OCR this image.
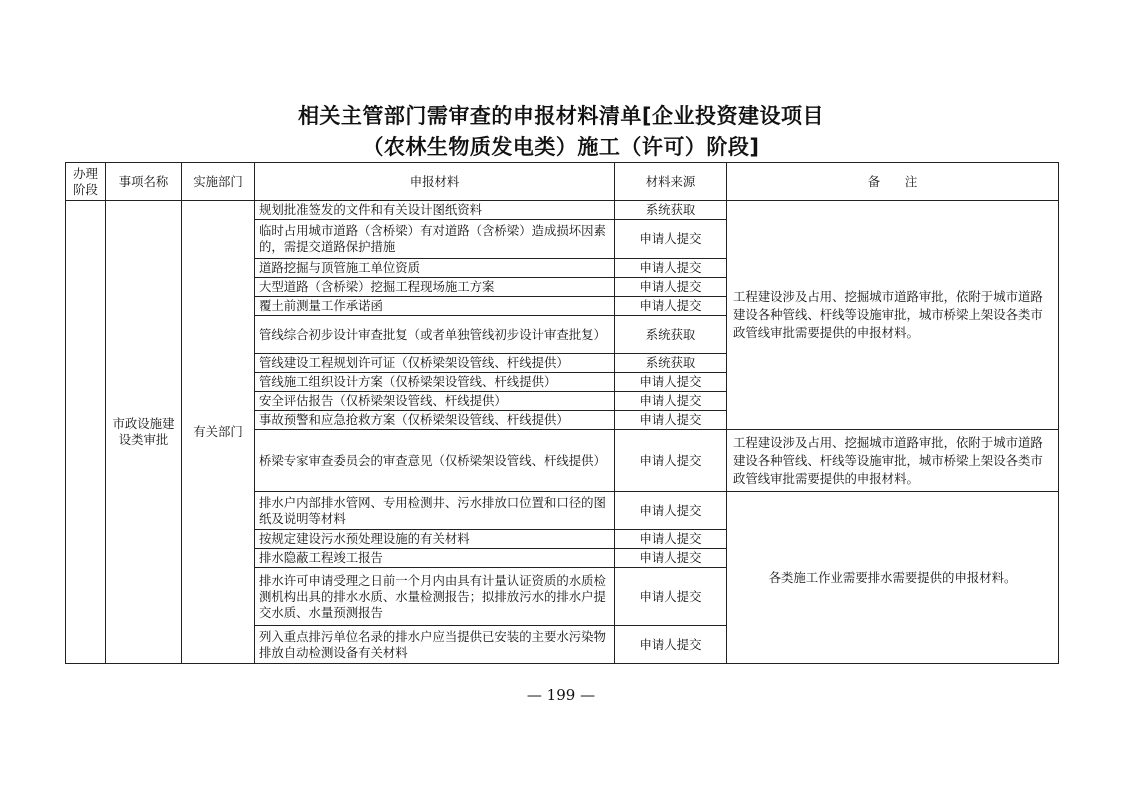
相关主管部门需审查的申报材料清单[企业投资建设项目
（农林生物质发电类）施工（许可）阶段]
办理阶段	事项名称	实施部门	申报材料	材料来源	备　　注
	市政设施建设类审批	有关部门	规划批准签发的文件和有关设计图纸资料	系统获取	工程建设涉及占用、挖掘城市道路审批，依附于城市道路建设各种管线、杆线等设施审批，城市桥梁上架设各类市政管线审批需要提供的申报材料。
			临时占用城市道路（含桥梁）有对道路（含桥梁）造成损坏因素的，需提交道路保护措施	申请人提交	
			道路挖掘与顶管施工单位资质	申请人提交	
			大型道路（含桥梁）挖掘工程现场施工方案	申请人提交	
			覆土前测量工作承诺函	申请人提交	
			管线综合初步设计审查批复（或者单独管线初步设计审查批复）	系统获取	
			管线建设工程规划许可证（仅桥梁架设管线、杆线提供）	系统获取	
			管线施工组织设计方案（仅桥梁架设管线、杆线提供）	申请人提交	
			安全评估报告（仅桥梁架设管线、杆线提供）	申请人提交	
			事故预警和应急抢救方案（仅桥梁架设管线、杆线提供）	申请人提交	
			桥梁专家审查委员会的审查意见（仅桥梁架设管线、杆线提供）	申请人提交	工程建设涉及占用、挖掘城市道路审批，依附于城市道路建设各种管线、杆线等设施审批，城市桥梁上架设各类市政管线审批需要提供的申报材料。
			排水户内部排水管网、专用检测井、污水排放口位置和口径的图纸及说明等材料	申请人提交	各类施工作业需要排水需要提供的申报材料。
			按规定建设污水预处理设施的有关材料	申请人提交	
			排水隐蔽工程竣工报告	申请人提交	
			排水许可申请受理之日前一个月内由具有计量认证资质的水质检测机构出具的排水水质、水量检测报告；拟排放污水的排水户提交水质、水量预测报告	申请人提交	
			列入重点排污单位名录的排水户应当提供已安装的主要水污染物排放自动检测设备有关材料	申请人提交	
— 199 —
